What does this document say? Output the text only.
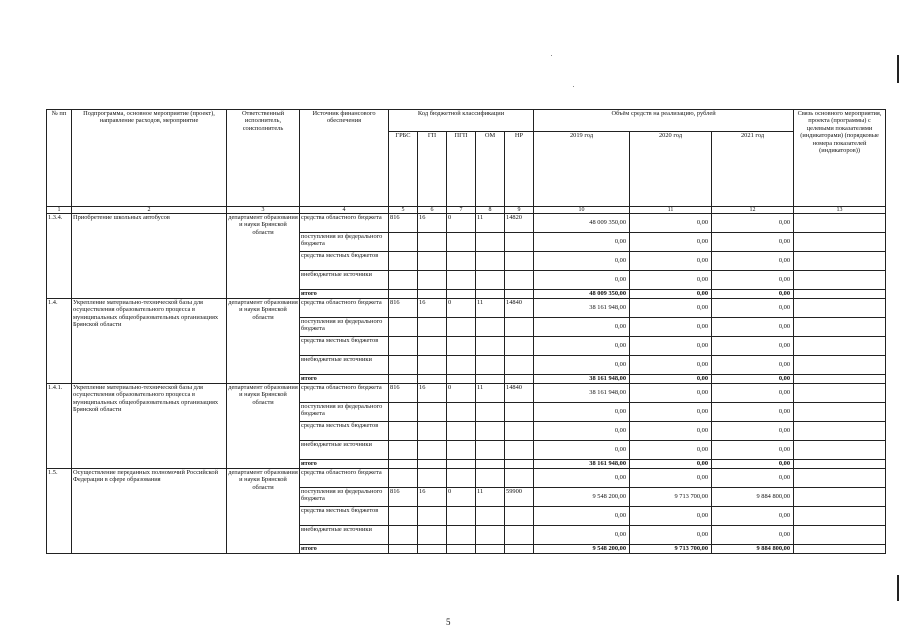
№ пп	Подпрограмма, основное мероприятие (проект), направление расходов, мероприятие	Ответственный исполнитель, соисполнитель	Источник финансового обеспечения	Код бюджетной классификации					Объём средств на реализацию, рублей			Связь основного мероприятия, проекта (программы) с целевыми показателями (индикаторами) (порядковые номера показателей (индикаторов))
				ГРБС	ГП	ПГП	ОМ	НР	2019 год	2020 год	2021 год	
1	2	3	4	5	6	7	8	9	10	11	12	13
1.3.4.	Приобретение школьных автобусов	департамент образования и науки Брянской области	средства областного бюджета	816	16	0	11	14820	48 009 350,00	0,00	0,00	
			поступления из федерального бюджета						0,00	0,00	0,00	
			средства местных бюджетов						0,00	0,00	0,00	
			внебюджетные источники						0,00	0,00	0,00	
			итого						48 009 350,00	0,00	0,00	
1.4.	Укрепление материально-технической базы для осуществления образовательного процесса в муниципальных общеобразовательных организациях Брянской области	департамент образования и науки Брянской области	средства областного бюджета	816	16	0	11	14840	38 161 948,00	0,00	0,00	
			поступления из федерального бюджета						0,00	0,00	0,00	
			средства местных бюджетов						0,00	0,00	0,00	
			внебюджетные источники						0,00	0,00	0,00	
			итого						38 161 948,00	0,00	0,00	
1.4.1.	Укрепление материально-технической базы для осуществления образовательного процесса в муниципальных общеобразовательных организациях Брянской области	департамент образования и науки Брянской области	средства областного бюджета	816	16	0	11	14840	38 161 948,00	0,00	0,00	
			поступления из федерального бюджета						0,00	0,00	0,00	
			средства местных бюджетов						0,00	0,00	0,00	
			внебюджетные источники						0,00	0,00	0,00	
			итого						38 161 948,00	0,00	0,00	
1.5.	Осуществление переданных полномочий Российской Федерации в сфере образования	департамент образования и науки Брянской области	средства областного бюджета						0,00	0,00	0,00	
			поступления из федерального бюджета	816	16	0	11	59900	9 548 200,00	9 713 700,00	9 884 800,00	
			средства местных бюджетов						0,00	0,00	0,00	
			внебюджетные источники						0,00	0,00	0,00	
			итого						9 548 200,00	9 713 700,00	9 884 800,00	
5
